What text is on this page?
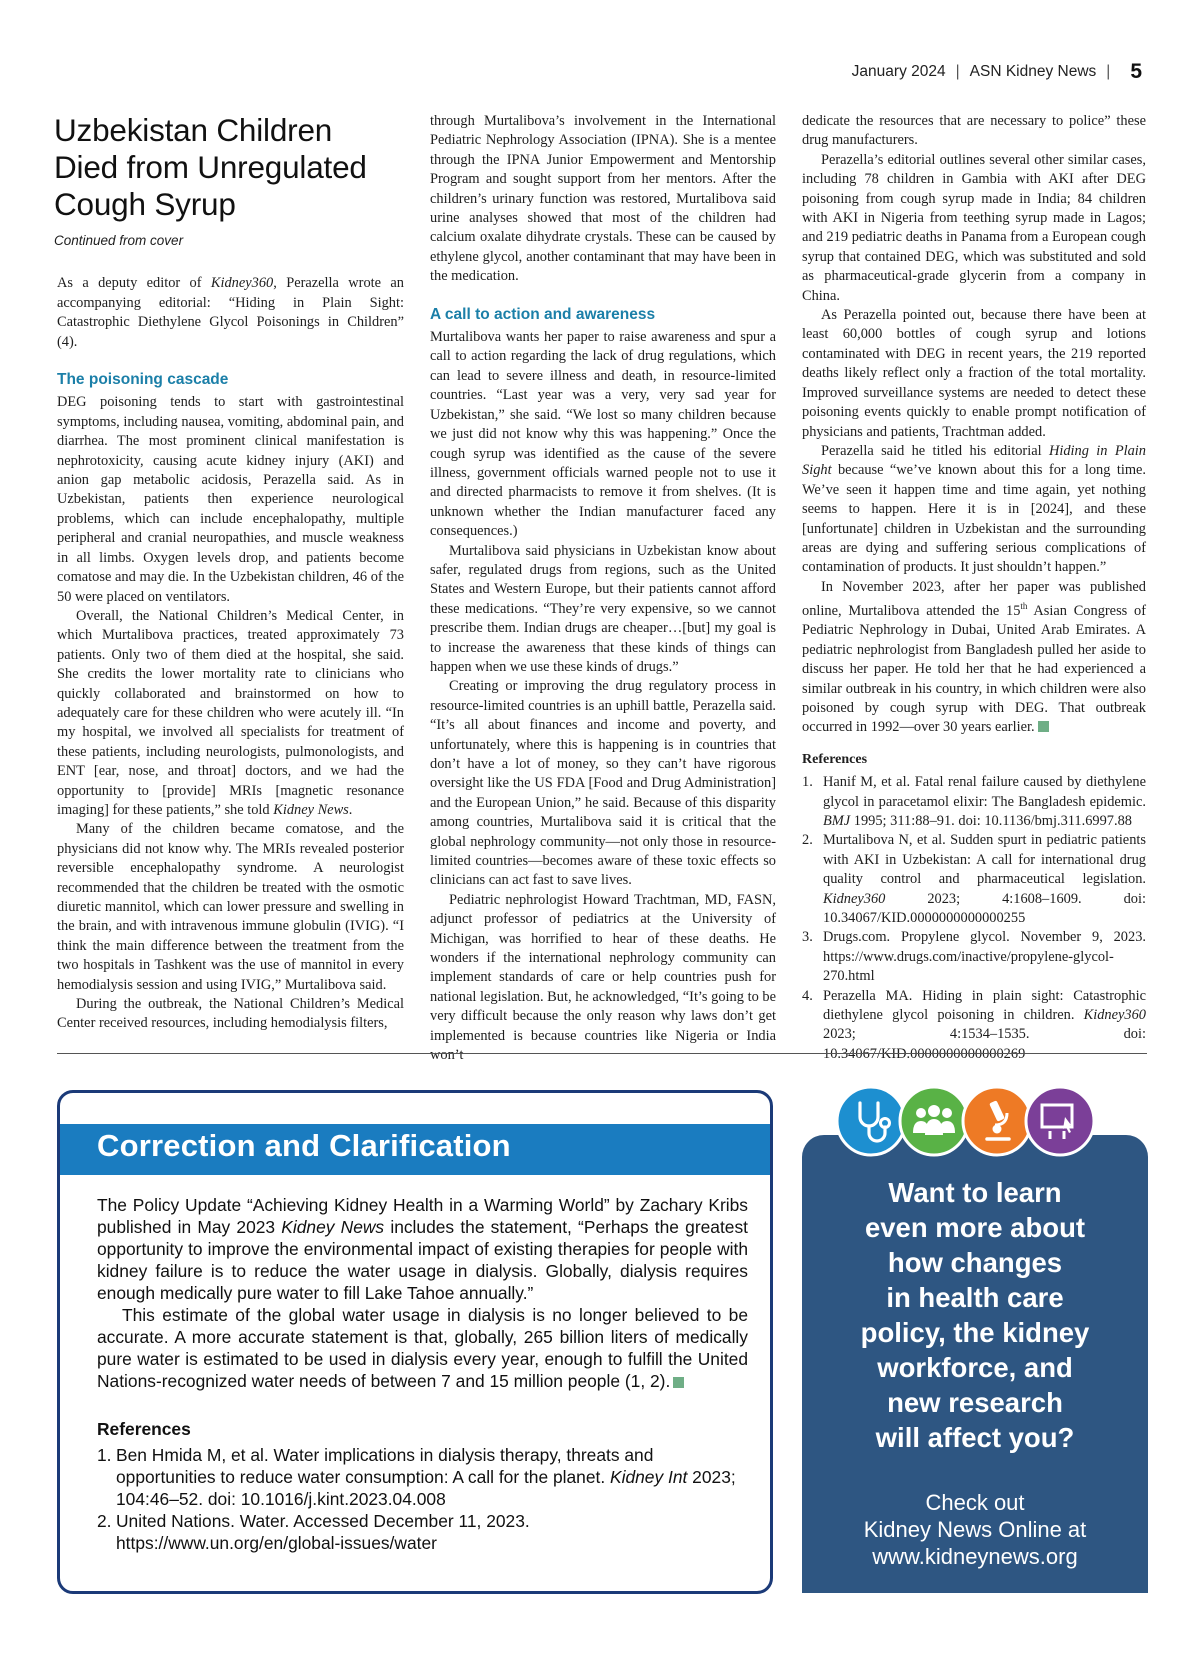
January 2024 | ASN Kidney News | 5
Uzbekistan Children Died from Unregulated Cough Syrup
Continued from cover

As a deputy editor of Kidney360, Perazella wrote an accompanying editorial: “Hiding in Plain Sight: Catastrophic Diethylene Glycol Poisonings in Children” (4).

The poisoning cascade

DEG poisoning tends to start with gastrointestinal symptoms, including nausea, vomiting, abdominal pain, and diarrhea. The most prominent clinical manifestation is nephrotoxicity, causing acute kidney injury (AKI) and anion gap metabolic acidosis, Perazella said. As in Uzbekistan, patients then experience neurological problems, which can include encephalopathy, multiple peripheral and cranial neuropathies, and muscle weakness in all limbs. Oxygen levels drop, and patients become comatose and may die. In the Uzbekistan children, 46 of the 50 were placed on ventilators.

Overall, the National Children’s Medical Center, in which Murtalibova practices, treated approximately 73 patients. Only two of them died at the hospital, she said. She credits the lower mortality rate to clinicians who quickly collaborated and brainstormed on how to adequately care for these children who were acutely ill. “In my hospital, we involved all specialists for treatment of these patients, including neurologists, pulmonologists, and ENT [ear, nose, and throat] doctors, and we had the opportunity to [provide] MRIs [magnetic resonance imaging] for these patients,” she told Kidney News.

Many of the children became comatose, and the physicians did not know why. The MRIs revealed posterior reversible encephalopathy syndrome. A neurologist recommended that the children be treated with the osmotic diuretic mannitol, which can lower pressure and swelling in the brain, and with intravenous immune globulin (IVIG). “I think the main difference between the treatment from the two hospitals in Tashkent was the use of mannitol in every hemodialysis session and using IVIG,” Murtalibova said.

During the outbreak, the National Children’s Medical Center received resources, including hemodialysis filters,

through Murtalibova’s involvement in the International Pediatric Nephrology Association (IPNA). She is a mentee through the IPNA Junior Empowerment and Mentorship Program and sought support from her mentors. After the children’s urinary function was restored, Murtalibova said urine analyses showed that most of the children had calcium oxalate dihydrate crystals. These can be caused by ethylene glycol, another contaminant that may have been in the medication.

A call to action and awareness

Murtalibova wants her paper to raise awareness and spur a call to action regarding the lack of drug regulations, which can lead to severe illness and death, in resource-limited countries. “Last year was a very, very sad year for Uzbekistan,” she said. “We lost so many children because we just did not know why this was happening.” Once the cough syrup was identified as the cause of the severe illness, government officials warned people not to use it and directed pharmacists to remove it from shelves. (It is unknown whether the Indian manufacturer faced any consequences.)

Murtalibova said physicians in Uzbekistan know about safer, regulated drugs from regions, such as the United States and Western Europe, but their patients cannot afford these medications. “They’re very expensive, so we cannot prescribe them. Indian drugs are cheaper…[but] my goal is to increase the awareness that these kinds of things can happen when we use these kinds of drugs.”

Creating or improving the drug regulatory process in resource-limited countries is an uphill battle, Perazella said. “It’s all about finances and income and poverty, and unfortunately, where this is happening is in countries that don’t have a lot of money, so they can’t have rigorous oversight like the US FDA [Food and Drug Administration] and the European Union,” he said. Because of this disparity among countries, Murtalibova said it is critical that the global nephrology community—not only those in resource-limited countries—becomes aware of these toxic effects so clinicians can act fast to save lives.

Pediatric nephrologist Howard Trachtman, MD, FASN, adjunct professor of pediatrics at the University of Michigan, was horrified to hear of these deaths. He wonders if the international nephrology community can implement standards of care or help countries push for national legislation. But, he acknowledged, “It’s going to be very difficult because the only reason why laws don’t get implemented is because countries like Nigeria or India won’t

dedicate the resources that are necessary to police” these drug manufacturers.

Perazella’s editorial outlines several other similar cases, including 78 children in Gambia with AKI after DEG poisoning from cough syrup made in India; 84 children with AKI in Nigeria from teething syrup made in Lagos; and 219 pediatric deaths in Panama from a European cough syrup that contained DEG, which was substituted and sold as pharmaceutical-grade glycerin from a company in China.

As Perazella pointed out, because there have been at least 60,000 bottles of cough syrup and lotions contaminated with DEG in recent years, the 219 reported deaths likely reflect only a fraction of the total mortality. Improved surveillance systems are needed to detect these poisoning events quickly to enable prompt notification of physicians and patients, Trachtman added.

Perazella said he titled his editorial Hiding in Plain Sight because “we’ve known about this for a long time. We’ve seen it happen time and time again, yet nothing seems to happen. Here it is in [2024], and these [unfortunate] children in Uzbekistan and the surrounding areas are dying and suffering serious complications of contamination of products. It just shouldn’t happen.”

In November 2023, after her paper was published online, Murtalibova attended the 15th Asian Congress of Pediatric Nephrology in Dubai, United Arab Emirates. A pediatric nephrologist from Bangladesh pulled her aside to discuss her paper. He told her that he had experienced a similar outbreak in his country, in which children were also poisoned by cough syrup with DEG. That outbreak occurred in 1992—over 30 years earlier.

References
1. Hanif M, et al. Fatal renal failure caused by diethylene glycol in paracetamol elixir: The Bangladesh epidemic. BMJ 1995; 311:88–91. doi: 10.1136/bmj.311.6997.88
2. Murtalibova N, et al. Sudden spurt in pediatric patients with AKI in Uzbekistan: A call for international drug quality control and pharmaceutical legislation. Kidney360 2023; 4:1608–1609. doi: 10.34067/KID.0000000000000255
3. Drugs.com. Propylene glycol. November 9, 2023. https://www.drugs.com/inactive/propylene-glycol-270.html
4. Perazella MA. Hiding in plain sight: Catastrophic diethylene glycol poisoning in children. Kidney360 2023; 4:1534–1535. doi: 10.34067/KID.0000000000000269
Correction and Clarification

The Policy Update “Achieving Kidney Health in a Warming World” by Zachary Kribs published in May 2023 Kidney News includes the statement, “Perhaps the greatest opportunity to improve the environmental impact of existing therapies for people with kidney failure is to reduce the water usage in dialysis. Globally, dialysis requires enough medically pure water to fill Lake Tahoe annually.”

This estimate of the global water usage in dialysis is no longer believed to be accurate. A more accurate statement is that, globally, 265 billion liters of medically pure water is estimated to be used in dialysis every year, enough to fulfill the United Nations-recognized water needs of between 7 and 15 million people (1, 2).

References
1. Ben Hmida M, et al. Water implications in dialysis therapy, threats and opportunities to reduce water consumption: A call for the planet. Kidney Int 2023; 104:46–52. doi: 10.1016/j.kint.2023.04.008
2. United Nations. Water. Accessed December 11, 2023. https://www.un.org/en/global-issues/water

Want to learn
even more about
how changes
in health care
policy, the kidney
workforce, and
new research
will affect you?

Check out
Kidney News Online at
www.kidneynews.org
